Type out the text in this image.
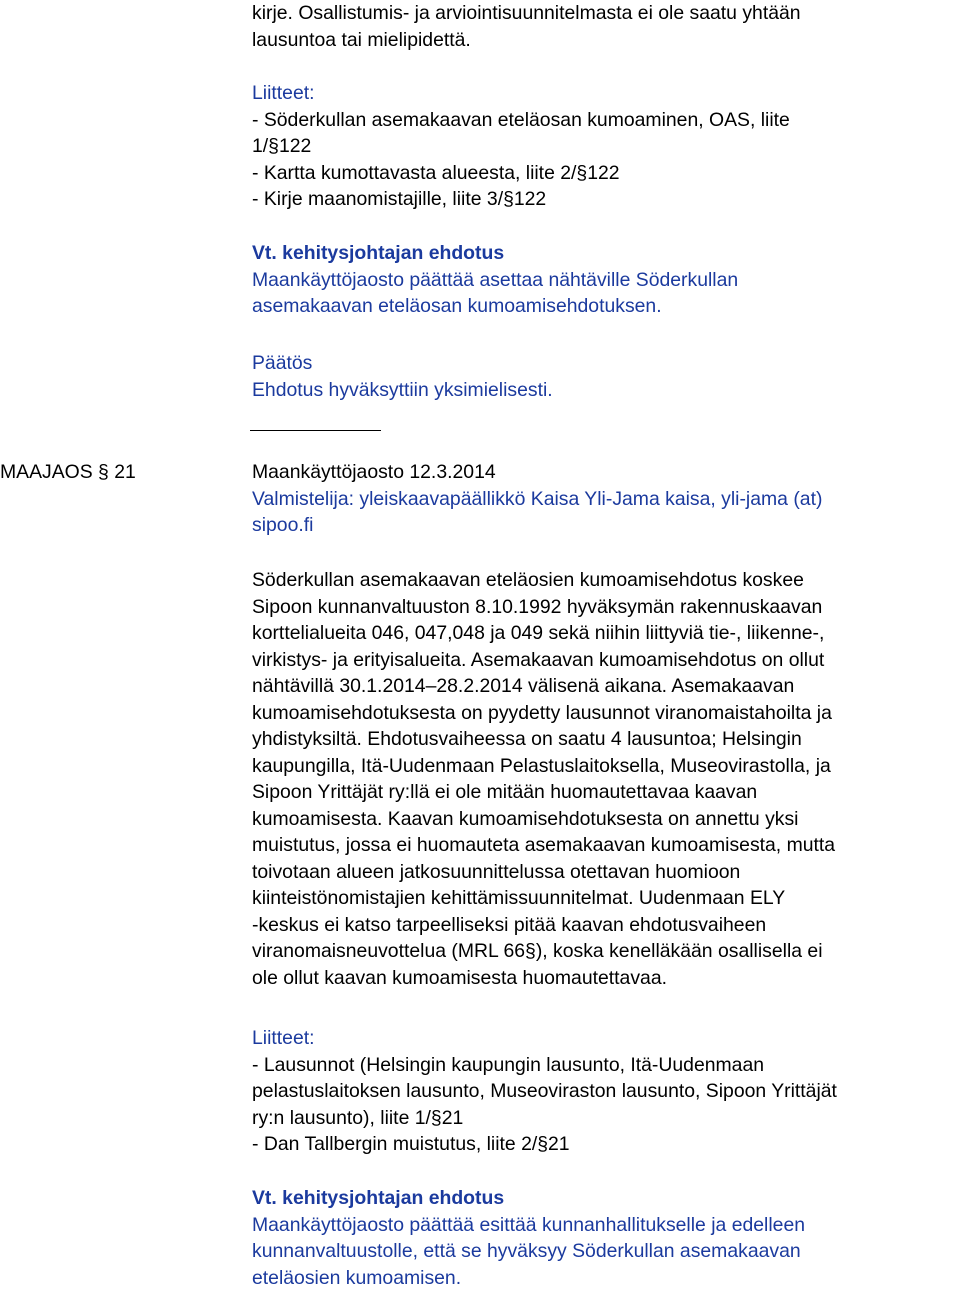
kirje. Osallistumis- ja arviointisuunnitelmasta ei ole saatu yhtään
lausuntoa tai mielipidettä.
Liitteet:
- Söderkullan asemakaavan eteläosan kumoaminen, OAS, liite
1/§122
- Kartta kumottavasta alueesta, liite 2/§122
- Kirje maanomistajille, liite 3/§122
Vt. kehitysjohtajan ehdotus
Maankäyttöjaosto päättää asettaa nähtäville Söderkullan
asemakaavan eteläosan kumoamisehdotuksen.
Päätös
Ehdotus hyväksyttiin yksimielisesti.
MAAJAOS § 21	Maankäyttöjaosto 12.3.2014
Valmistelija: yleiskaavapäällikkö Kaisa Yli-Jama kaisa, yli-jama (at)
sipoo.fi
Söderkullan asemakaavan eteläosien kumoamisehdotus koskee
Sipoon kunnanvaltuuston 8.10.1992 hyväksymän rakennuskaavan
korttelialueita 046, 047,048 ja 049 sekä niihin liittyviä tie-, liikenne-,
virkistys- ja erityisalueita. Asemakaavan kumoamisehdotus on ollut
nähtävillä 30.1.2014–28.2.2014 välisenä aikana. Asemakaavan
kumoamisehdotuksesta on pyydetty lausunnot viranomaistahoilta ja
yhdistyksiltä. Ehdotusvaiheessa on saatu 4 lausuntoa; Helsingin
kaupungilla, Itä-Uudenmaan Pelastuslaitoksella, Museovirastolla, ja
Sipoon Yrittäjät ry:llä ei ole mitään huomautettavaa kaavan
kumoamisesta. Kaavan kumoamisehdotuksesta on annettu yksi
muistutus, jossa ei huomauteta asemakaavan kumoamisesta, mutta
toivotaan alueen jatkosuunnittelussa otettavan huomioon
kiinteistönomistajien kehittämissuunnitelmat. Uudenmaan ELY
-keskus ei katso tarpeelliseksi pitää kaavan ehdotusvaiheen
viranomaisneuvottelua (MRL 66§), koska kenelläkään osallisella ei
ole ollut kaavan kumoamisesta huomautettavaa.
Liitteet:
- Lausunnot (Helsingin kaupungin lausunto, Itä-Uudenmaan
pelastuslaitoksen lausunto, Museoviraston lausunto, Sipoon Yrittäjät
ry:n lausunto), liite 1/§21
- Dan Tallbergin muistutus, liite 2/§21
Vt. kehitysjohtajan ehdotus
Maankäyttöjaosto päättää esittää kunnanhallitukselle ja edelleen
kunnanvaltuustolle, että se hyväksyy Söderkullan asemakaavan
eteläosien kumoamisen.
